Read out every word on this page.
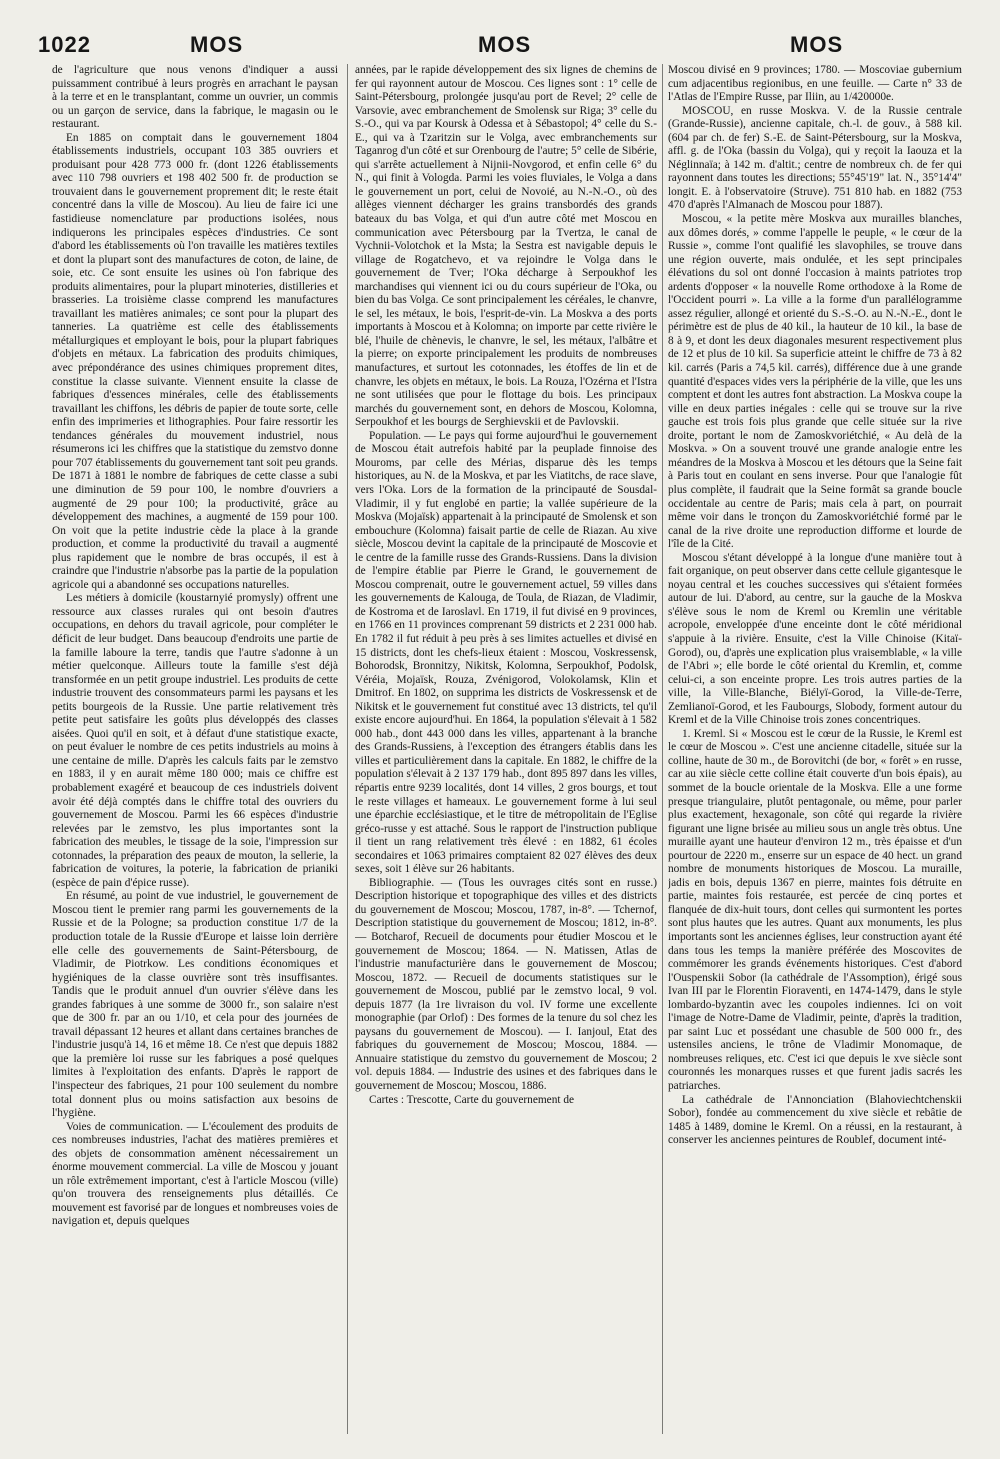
1022	MOS	MOS	MOS

de l'agriculture que nous venons d'indiquer a aussi puissamment contribué à leurs progrès en arrachant le paysan à la terre et en le transplantant, comme un ouvrier, un commis ou un garçon de service, dans la fabrique, le magasin ou le restaurant.

En 1885 on comptait dans le gouvernement 1804 établissements industriels, occupant 103 385 ouvriers et produisant pour 428 773 000 fr. (dont 1226 établissements avec 110 798 ouvriers et 198 402 500 fr. de production se trouvaient dans le gouvernement proprement dit; le reste était concentré dans la ville de Moscou). Au lieu de faire ici une fastidieuse nomenclature par productions isolées, nous indiquerons les principales espèces d'industries. Ce sont d'abord les établissements où l'on travaille les matières textiles et dont la plupart sont des manufactures de coton, de laine, de soie, etc. Ce sont ensuite les usines où l'on fabrique des produits alimentaires, pour la plupart minoteries, distilleries et brasseries. La troisième classe comprend les manufactures travaillant les matières animales; ce sont pour la plupart des tanneries. La quatrième est celle des établissements métallurgiques et employant le bois, pour la plupart fabriques d'objets en métaux. La fabrication des produits chimiques, avec prépondérance des usines chimiques proprement dites, constitue la classe suivante. Viennent ensuite la classe de fabriques d'essences minérales, celle des établissements travaillant les chiffons, les débris de papier de toute sorte, celle enfin des imprimeries et lithographies. Pour faire ressortir les tendances générales du mouvement industriel, nous résumerons ici les chiffres que la statistique du zemstvo donne pour 707 établissements du gouvernement tant soit peu grands. De 1871 à 1881 le nombre de fabriques de cette classe a subi une diminution de 59 pour 100, le nombre d'ouvriers a augmenté de 29 pour 100; la productivité, grâce au développement des machines, a augmenté de 159 pour 100. On voit que la petite industrie cède la place à la grande production, et comme la productivité du travail a augmenté plus rapidement que le nombre de bras occupés, il est à craindre que l'industrie n'absorbe pas la partie de la population agricole qui a abandonné ses occupations naturelles.

Les métiers à domicile (koustarnyié promysly) offrent une ressource aux classes rurales qui ont besoin d'autres occupations, en dehors du travail agricole, pour compléter le déficit de leur budget. Dans beaucoup d'endroits une partie de la famille laboure la terre, tandis que l'autre s'adonne à un métier quelconque. Ailleurs toute la famille s'est déjà transformée en un petit groupe industriel. Les produits de cette industrie trouvent des consommateurs parmi les paysans et les petits bourgeois de la Russie. Une partie relativement très petite peut satisfaire les goûts plus développés des classes aisées. Quoi qu'il en soit, et à défaut d'une statistique exacte, on peut évaluer le nombre de ces petits industriels au moins à une centaine de mille. D'après les calculs faits par le zemstvo en 1883, il y en aurait même 180 000; mais ce chiffre est probablement exagéré et beaucoup de ces industriels doivent avoir été déjà comptés dans le chiffre total des ouvriers du gouvernement de Moscou. Parmi les 66 espèces d'industrie relevées par le zemstvo, les plus importantes sont la fabrication des meubles, le tissage de la soie, l'impression sur cotonnades, la préparation des peaux de mouton, la sellerie, la fabrication de voitures, la poterie, la fabrication de prianiki (espèce de pain d'épice russe).

En résumé, au point de vue industriel, le gouvernement de Moscou tient le premier rang parmi les gouvernements de la Russie et de la Pologne; sa production constitue 1/7 de la production totale de la Russie d'Europe et laisse loin derrière elle celle des gouvernements de Saint-Pétersbourg, de Vladimir, de Piotrkow. Les conditions économiques et hygiéniques de la classe ouvrière sont très insuffisantes. Tandis que le produit annuel d'un ouvrier s'élève dans les grandes fabriques à une somme de 3000 fr., son salaire n'est que de 300 fr. par an ou 1/10, et cela pour des journées de travail dépassant 12 heures et allant dans certaines branches de l'industrie jusqu'à 14, 16 et même 18. Ce n'est que depuis 1882 que la première loi russe sur les fabriques a posé quelques limites à l'exploitation des enfants. D'après le rapport de l'inspecteur des fabriques, 21 pour 100 seulement du nombre total donnent plus ou moins satisfaction aux besoins de l'hygiène.

Voies de communication. — L'écoulement des produits de ces nombreuses industries, l'achat des matières premières et des objets de consommation amènent nécessairement un énorme mouvement commercial. La ville de Moscou y jouant un rôle extrêmement important, c'est à l'article Moscou (ville) qu'on trouvera des renseignements plus détaillés. Ce mouvement est favorisé par de longues et nombreuses voies de navigation et, depuis quelques

années, par le rapide développement des six lignes de chemins de fer qui rayonnent autour de Moscou. Ces lignes sont : 1° celle de Saint-Pétersbourg, prolongée jusqu'au port de Revel; 2° celle de Varsovie, avec embranchement de Smolensk sur Riga; 3° celle du S.-O., qui va par Koursk à Odessa et à Sébastopol; 4° celle du S.-E., qui va à Tzaritzin sur le Volga, avec embranchements sur Taganrog d'un côté et sur Orenbourg de l'autre; 5° celle de Sibérie, qui s'arrête actuellement à Nijnii-Novgorod, et enfin celle 6° du N., qui finit à Vologda. Parmi les voies fluviales, le Volga a dans le gouvernement un port, celui de Novoié, au N.-N.-O., où des allèges viennent décharger les grains transbordés des grands bateaux du bas Volga, et qui d'un autre côté met Moscou en communication avec Pétersbourg par la Tvertza, le canal de Vychnii-Volotchok et la Msta; la Sestra est navigable depuis le village de Rogatchevo, et va rejoindre le Volga dans le gouvernement de Tver; l'Oka décharge à Serpoukhof les marchandises qui viennent ici ou du cours supérieur de l'Oka, ou bien du bas Volga. Ce sont principalement les céréales, le chanvre, le sel, les métaux, le bois, l'esprit-de-vin. La Moskva a des ports importants à Moscou et à Kolomna; on importe par cette rivière le blé, l'huile de chènevis, le chanvre, le sel, les métaux, l'albâtre et la pierre; on exporte principalement les produits de nombreuses manufactures, et surtout les cotonnades, les étoffes de lin et de chanvre, les objets en métaux, le bois. La Rouza, l'Ozérna et l'Istra ne sont utilisées que pour le flottage du bois. Les principaux marchés du gouvernement sont, en dehors de Moscou, Kolomna, Serpoukhof et les bourgs de Serghievskii et de Pavlovskii.

Population. — Le pays qui forme aujourd'hui le gouvernement de Moscou était autrefois habité par la peuplade finnoise des Mouroms, par celle des Mérias, disparue dès les temps historiques, au N. de la Moskva, et par les Viatitchs, de race slave, vers l'Oka. Lors de la formation de la principauté de Sousdal-Vladimir, il y fut englobé en partie; la vallée supérieure de la Moskva (Mojaïsk) appartenait à la principauté de Smolensk et son embouchure (Kolomna) faisait partie de celle de Riazan. Au xive siècle, Moscou devint la capitale de la principauté de Moscovie et le centre de la famille russe des Grands-Russiens. Dans la division de l'empire établie par Pierre le Grand, le gouvernement de Moscou comprenait, outre le gouvernement actuel, 59 villes dans les gouvernements de Kalouga, de Toula, de Riazan, de Vladimir, de Kostroma et de Iaroslavl. En 1719, il fut divisé en 9 provinces, en 1766 en 11 provinces comprenant 59 districts et 2 231 000 hab. En 1782 il fut réduit à peu près à ses limites actuelles et divisé en 15 districts, dont les chefs-lieux étaient : Moscou, Voskressensk, Bohorodsk, Bronnitzy, Nikitsk, Kolomna, Serpoukhof, Podolsk, Véréia, Mojaïsk, Rouza, Zvénigorod, Volokolamsk, Klin et Dmitrof. En 1802, on supprima les districts de Voskressensk et de Nikitsk et le gouvernement fut constitué avec 13 districts, tel qu'il existe encore aujourd'hui. En 1864, la population s'élevait à 1 582 000 hab., dont 443 000 dans les villes, appartenant à la branche des Grands-Russiens, à l'exception des étrangers établis dans les villes et particulièrement dans la capitale. En 1882, le chiffre de la population s'élevait à 2 137 179 hab., dont 895 897 dans les villes, répartis entre 9239 localités, dont 14 villes, 2 gros bourgs, et tout le reste villages et hameaux. Le gouvernement forme à lui seul une éparchie ecclésiastique, et le titre de métropolitain de l'Eglise gréco-russe y est attaché. Sous le rapport de l'instruction publique il tient un rang relativement très élevé : en 1882, 61 écoles secondaires et 1063 primaires comptaient 82 027 élèves des deux sexes, soit 1 élève sur 26 habitants.

Bibliographie. — (Tous les ouvrages cités sont en russe.) Description historique et topographique des villes et des districts du gouvernement de Moscou; Moscou, 1787, in-8°. — Tchernof, Description statistique du gouvernement de Moscou; 1812, in-8°. — Botcharof, Recueil de documents pour étudier Moscou et le gouvernement de Moscou; 1864. — N. Matissen, Atlas de l'industrie manufacturière dans le gouvernement de Moscou; Moscou, 1872. — Recueil de documents statistiques sur le gouvernement de Moscou, publié par le zemstvo local, 9 vol. depuis 1877 (la 1re livraison du vol. IV forme une excellente monographie (par Orlof) : Des formes de la tenure du sol chez les paysans du gouvernement de Moscou). — I. Ianjoul, Etat des fabriques du gouvernement de Moscou; Moscou, 1884. — Annuaire statistique du zemstvo du gouvernement de Moscou; 2 vol. depuis 1884. — Industrie des usines et des fabriques dans le gouvernement de Moscou; Moscou, 1886.

Cartes : Trescotte, Carte du gouvernement de

Moscou divisé en 9 provinces; 1780. — Moscoviae gubernium cum adjacentibus regionibus, en une feuille. — Carte n° 33 de l'Atlas de l'Empire Russe, par Iliin, au 1/420000e.

MOSCOU, en russe Moskva. V. de la Russie centrale (Grande-Russie), ancienne capitale, ch.-l. de gouv., à 588 kil. (604 par ch. de fer) S.-E. de Saint-Pétersbourg, sur la Moskva, affl. g. de l'Oka (bassin du Volga), qui y reçoit la Iaouza et la Néglinnaïa; à 142 m. d'altit.; centre de nombreux ch. de fer qui rayonnent dans toutes les directions; 55°45'19" lat. N., 35°14'4" longit. E. à l'observatoire (Struve). 751 810 hab. en 1882 (753 470 d'après l'Almanach de Moscou pour 1887).

Moscou, « la petite mère Moskva aux murailles blanches, aux dômes dorés, » comme l'appelle le peuple, « le cœur de la Russie », comme l'ont qualifié les slavophiles, se trouve dans une région ouverte, mais ondulée, et les sept principales élévations du sol ont donné l'occasion à maints patriotes trop ardents d'opposer « la nouvelle Rome orthodoxe à la Rome de l'Occident pourri ». La ville a la forme d'un parallélogramme assez régulier, allongé et orienté du S.-S.-O. au N.-N.-E., dont le périmètre est de plus de 40 kil., la hauteur de 10 kil., la base de 8 à 9, et dont les deux diagonales mesurent respectivement plus de 12 et plus de 10 kil. Sa superficie atteint le chiffre de 73 à 82 kil. carrés (Paris a 74,5 kil. carrés), différence due à une grande quantité d'espaces vides vers la périphérie de la ville, que les uns comptent et dont les autres font abstraction. La Moskva coupe la ville en deux parties inégales : celle qui se trouve sur la rive gauche est trois fois plus grande que celle située sur la rive droite, portant le nom de Zamoskvoriétchié, « Au delà de la Moskva. » On a souvent trouvé une grande analogie entre les méandres de la Moskva à Moscou et les détours que la Seine fait à Paris tout en coulant en sens inverse. Pour que l'analogie fût plus complète, il faudrait que la Seine formât sa grande boucle occidentale au centre de Paris; mais cela à part, on pourrait même voir dans le tronçon du Zamoskvoriétchié formé par le canal de la rive droite une reproduction difforme et lourde de l'île de la Cité.

Moscou s'étant développé à la longue d'une manière tout à fait organique, on peut observer dans cette cellule gigantesque le noyau central et les couches successives qui s'étaient formées autour de lui. D'abord, au centre, sur la gauche de la Moskva s'élève sous le nom de Kreml ou Kremlin une véritable acropole, enveloppée d'une enceinte dont le côté méridional s'appuie à la rivière. Ensuite, c'est la Ville Chinoise (Kitaï-Gorod), ou, d'après une explication plus vraisemblable, « la ville de l'Abri »; elle borde le côté oriental du Kremlin, et, comme celui-ci, a son enceinte propre. Les trois autres parties de la ville, la Ville-Blanche, Biélyï-Gorod, la Ville-de-Terre, Zemlianoï-Gorod, et les Faubourgs, Slobody, forment autour du Kreml et de la Ville Chinoise trois zones concentriques.

1. Kreml. Si « Moscou est le cœur de la Russie, le Kreml est le cœur de Moscou ». C'est une ancienne citadelle, située sur la colline, haute de 30 m., de Borovitchi (de bor, « forêt » en russe, car au xiie siècle cette colline était couverte d'un bois épais), au sommet de la boucle orientale de la Moskva. Elle a une forme presque triangulaire, plutôt pentagonale, ou même, pour parler plus exactement, hexagonale, son côté qui regarde la rivière figurant une ligne brisée au milieu sous un angle très obtus. Une muraille ayant une hauteur d'environ 12 m., très épaisse et d'un pourtour de 2220 m., enserre sur un espace de 40 hect. un grand nombre de monuments historiques de Moscou. La muraille, jadis en bois, depuis 1367 en pierre, maintes fois détruite en partie, maintes fois restaurée, est percée de cinq portes et flanquée de dix-huit tours, dont celles qui surmontent les portes sont plus hautes que les autres. Quant aux monuments, les plus importants sont les anciennes églises, leur construction ayant été dans tous les temps la manière préférée des Moscovites de commémorer les grands événements historiques. C'est d'abord l'Ouspenskii Sobor (la cathédrale de l'Assomption), érigé sous Ivan III par le Florentin Fioraventi, en 1474-1479, dans le style lombardo-byzantin avec les coupoles indiennes. Ici on voit l'image de Notre-Dame de Vladimir, peinte, d'après la tradition, par saint Luc et possédant une chasuble de 500 000 fr., des ustensiles anciens, le trône de Vladimir Monomaque, de nombreuses reliques, etc. C'est ici que depuis le xve siècle sont couronnés les monarques russes et que furent jadis sacrés les patriarches.

La cathédrale de l'Annonciation (Blahoviechtchenskii Sobor), fondée au commencement du xive siècle et rebâtie de 1485 à 1489, domine le Kreml. On a réussi, en la restaurant, à conserver les anciennes peintures de Roublef, document inté-
